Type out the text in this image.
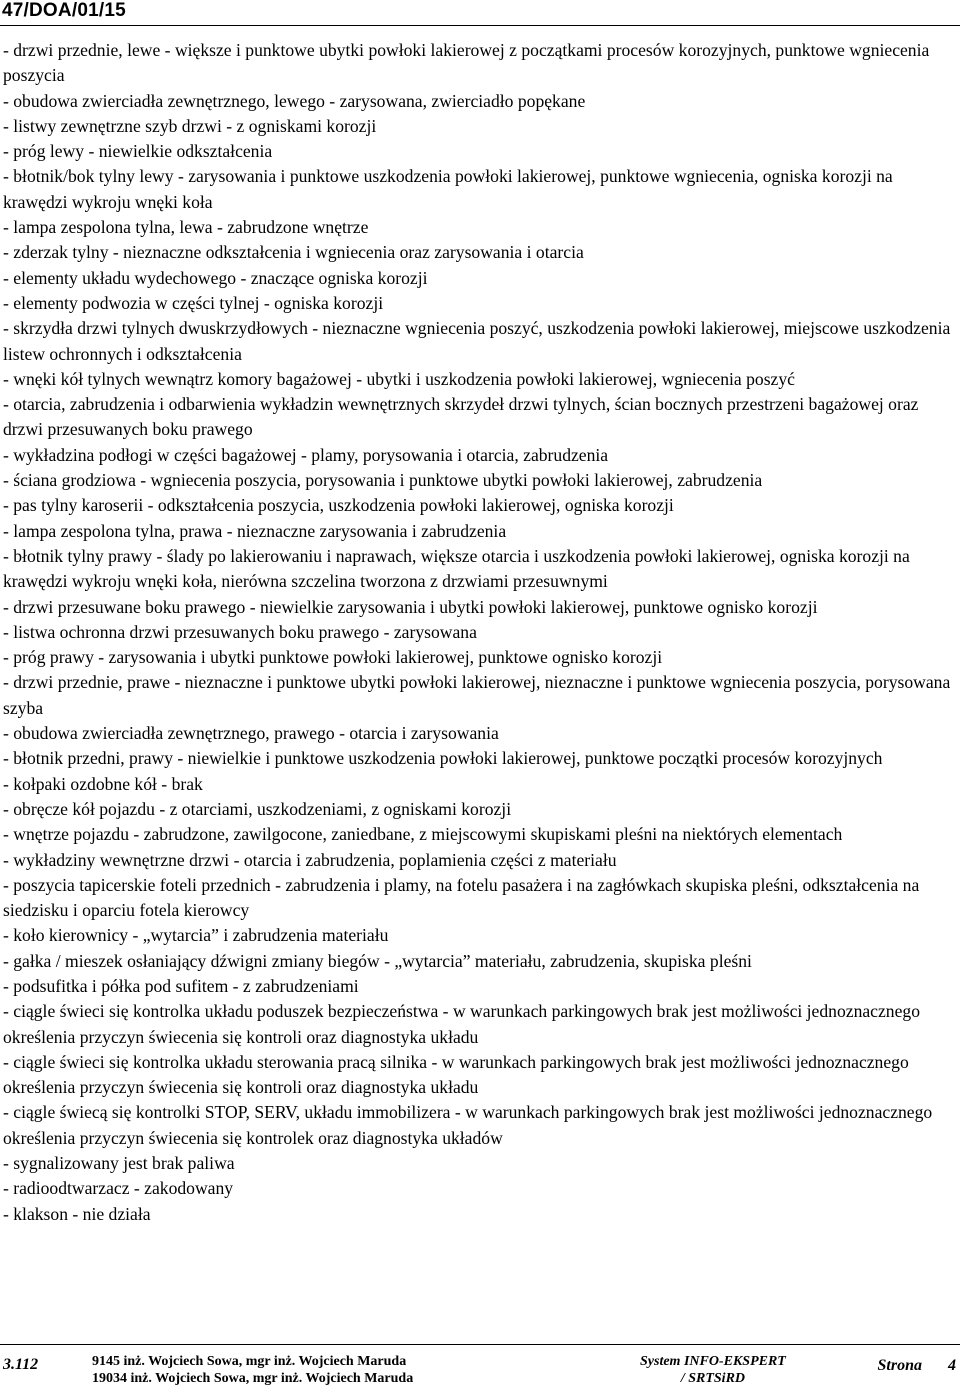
47/DOA/01/15

- drzwi przednie, lewe - większe i punktowe ubytki powłoki lakierowej z początkami procesów korozyjnych, punktowe wgniecenia poszycia

- obudowa zwierciadła zewnętrznego, lewego - zarysowana, zwierciadło popękane

- listwy zewnętrzne szyb drzwi - z ogniskami korozji

- próg lewy - niewielkie odkształcenia

- błotnik/bok tylny lewy - zarysowania i punktowe uszkodzenia powłoki lakierowej, punktowe wgniecenia, ogniska korozji na krawędzi wykroju wnęki koła

- lampa zespolona tylna, lewa - zabrudzone wnętrze

- zderzak tylny - nieznaczne odkształcenia i wgniecenia oraz zarysowania i otarcia

- elementy układu wydechowego - znaczące ogniska korozji

- elementy podwozia w części tylnej - ogniska korozji

- skrzydła drzwi tylnych dwuskrzydłowych - nieznaczne wgniecenia poszyć, uszkodzenia powłoki lakierowej, miejscowe uszkodzenia listew ochronnych i odkształcenia

- wnęki kół tylnych wewnątrz komory bagażowej - ubytki i uszkodzenia powłoki lakierowej, wgniecenia poszyć

- otarcia, zabrudzenia i odbarwienia wykładzin wewnętrznych skrzydeł drzwi tylnych, ścian bocznych przestrzeni bagażowej oraz drzwi przesuwanych boku prawego

- wykładzina podłogi w części bagażowej - plamy, porysowania i otarcia, zabrudzenia

- ściana grodziowa - wgniecenia poszycia, porysowania i punktowe ubytki powłoki lakierowej, zabrudzenia

- pas tylny karoserii - odkształcenia poszycia, uszkodzenia powłoki lakierowej, ogniska korozji

- lampa zespolona tylna, prawa - nieznaczne zarysowania i zabrudzenia

- błotnik tylny prawy - ślady po lakierowaniu i naprawach, większe otarcia i uszkodzenia powłoki lakierowej, ogniska korozji na krawędzi wykroju wnęki koła, nierówna szczelina tworzona z drzwiami przesuwnymi

- drzwi przesuwane boku prawego - niewielkie zarysowania i ubytki powłoki lakierowej, punktowe ognisko korozji

- listwa ochronna drzwi przesuwanych boku prawego - zarysowana

- próg prawy - zarysowania i ubytki punktowe powłoki lakierowej, punktowe ognisko korozji

- drzwi przednie, prawe - nieznaczne i punktowe ubytki powłoki lakierowej, nieznaczne i punktowe wgniecenia poszycia, porysowana szyba

- obudowa zwierciadła zewnętrznego, prawego - otarcia i zarysowania

- błotnik przedni, prawy - niewielkie i punktowe uszkodzenia powłoki lakierowej, punktowe początki procesów korozyjnych

- kołpaki ozdobne kół - brak

- obręcze kół pojazdu - z otarciami, uszkodzeniami, z ogniskami korozji

- wnętrze pojazdu - zabrudzone, zawilgocone, zaniedbane, z miejscowymi skupiskami pleśni na niektórych elementach

- wykładziny wewnętrzne drzwi - otarcia i zabrudzenia, poplamienia części z materiału

- poszycia tapicerskie foteli przednich - zabrudzenia i plamy, na fotelu pasażera i na zagłówkach skupiska pleśni, odkształcenia na siedzisku i oparciu fotela kierowcy

- koło kierownicy - „wytarcia” i zabrudzenia materiału

- gałka / mieszek osłaniający dźwigni zmiany biegów - „wytarcia” materiału, zabrudzenia, skupiska pleśni

- podsufitka i półka pod sufitem - z zabrudzeniami

- ciągle świeci się kontrolka układu poduszek bezpieczeństwa - w warunkach parkingowych brak jest możliwości jednoznacznego określenia przyczyn świecenia się kontroli oraz diagnostyka układu

- ciągle świeci się kontrolka układu sterowania pracą silnika - w warunkach parkingowych brak jest możliwości jednoznacznego określenia przyczyn świecenia się kontroli oraz diagnostyka układu

- ciągle świecą się kontrolki STOP, SERV, układu immobilizera - w warunkach parkingowych brak jest możliwości jednoznacznego określenia przyczyn świecenia się kontrolek oraz diagnostyka układów

- sygnalizowany jest brak paliwa

- radioodtwarzacz - zakodowany

- klakson - nie działa

3.112	9145 inż. Wojciech Sowa, mgr inż. Wojciech Maruda
19034 inż. Wojciech Sowa, mgr inż. Wojciech Maruda
System INFO-EKSPERT
/ SRTSiRD
Strona 4
